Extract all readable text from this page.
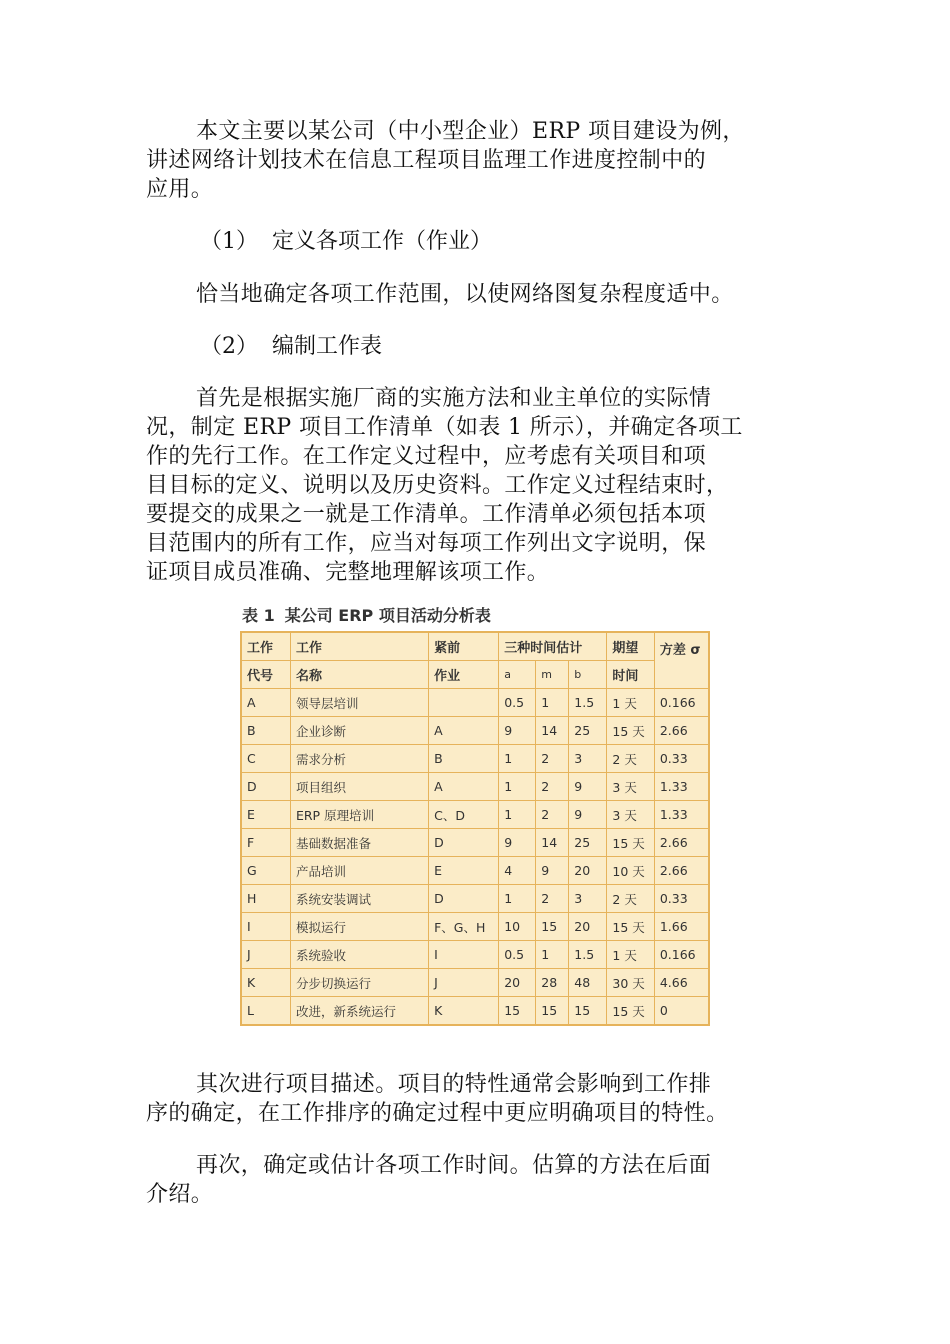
本文主要以某公司（中小型企业）ERP 项目建设为例，
讲述网络计划技术在信息工程项目监理工作进度控制中的
应用。
（1） 定义各项工作（作业）
恰当地确定各项工作范围，以使网络图复杂程度适中。
（2） 编制工作表
首先是根据实施厂商的实施方法和业主单位的实际情
况，制定 ERP 项目工作清单（如表 1 所示），并确定各项工
作的先行工作。在工作定义过程中，应考虑有关项目和项
目目标的定义、说明以及历史资料。工作定义过程结束时，
要提交的成果之一就是工作清单。工作清单必须包括本项
目范围内的所有工作，应当对每项工作列出文字说明，保
证项目成员准确、完整地理解该项工作。
表 1 某公司 ERP 项目活动分析表
工作	工作	紧前	三种时间估计			期望	方差 σ
代号	名称	作业	a	m	b	时间	
A	领导层培训		0.5	1	1.5	1 天	0.166
B	企业诊断	A	9	14	25	15 天	2.66
C	需求分析	B	1	2	3	2 天	0.33
D	项目组织	A	1	2	9	3 天	1.33
E	ERP 原理培训	C、D	1	2	9	3 天	1.33
F	基础数据准备	D	9	14	25	15 天	2.66
G	产品培训	E	4	9	20	10 天	2.66
H	系统安装调试	D	1	2	3	2 天	0.33
I	模拟运行	F、G、H	10	15	20	15 天	1.66
J	系统验收	I	0.5	1	1.5	1 天	0.166
K	分步切换运行	J	20	28	48	30 天	4.66
L	改进，新系统运行	K	15	15	15	15 天	0
其次进行项目描述。项目的特性通常会影响到工作排
序的确定，在工作排序的确定过程中更应明确项目的特性。
再次，确定或估计各项工作时间。估算的方法在后面
介绍。
